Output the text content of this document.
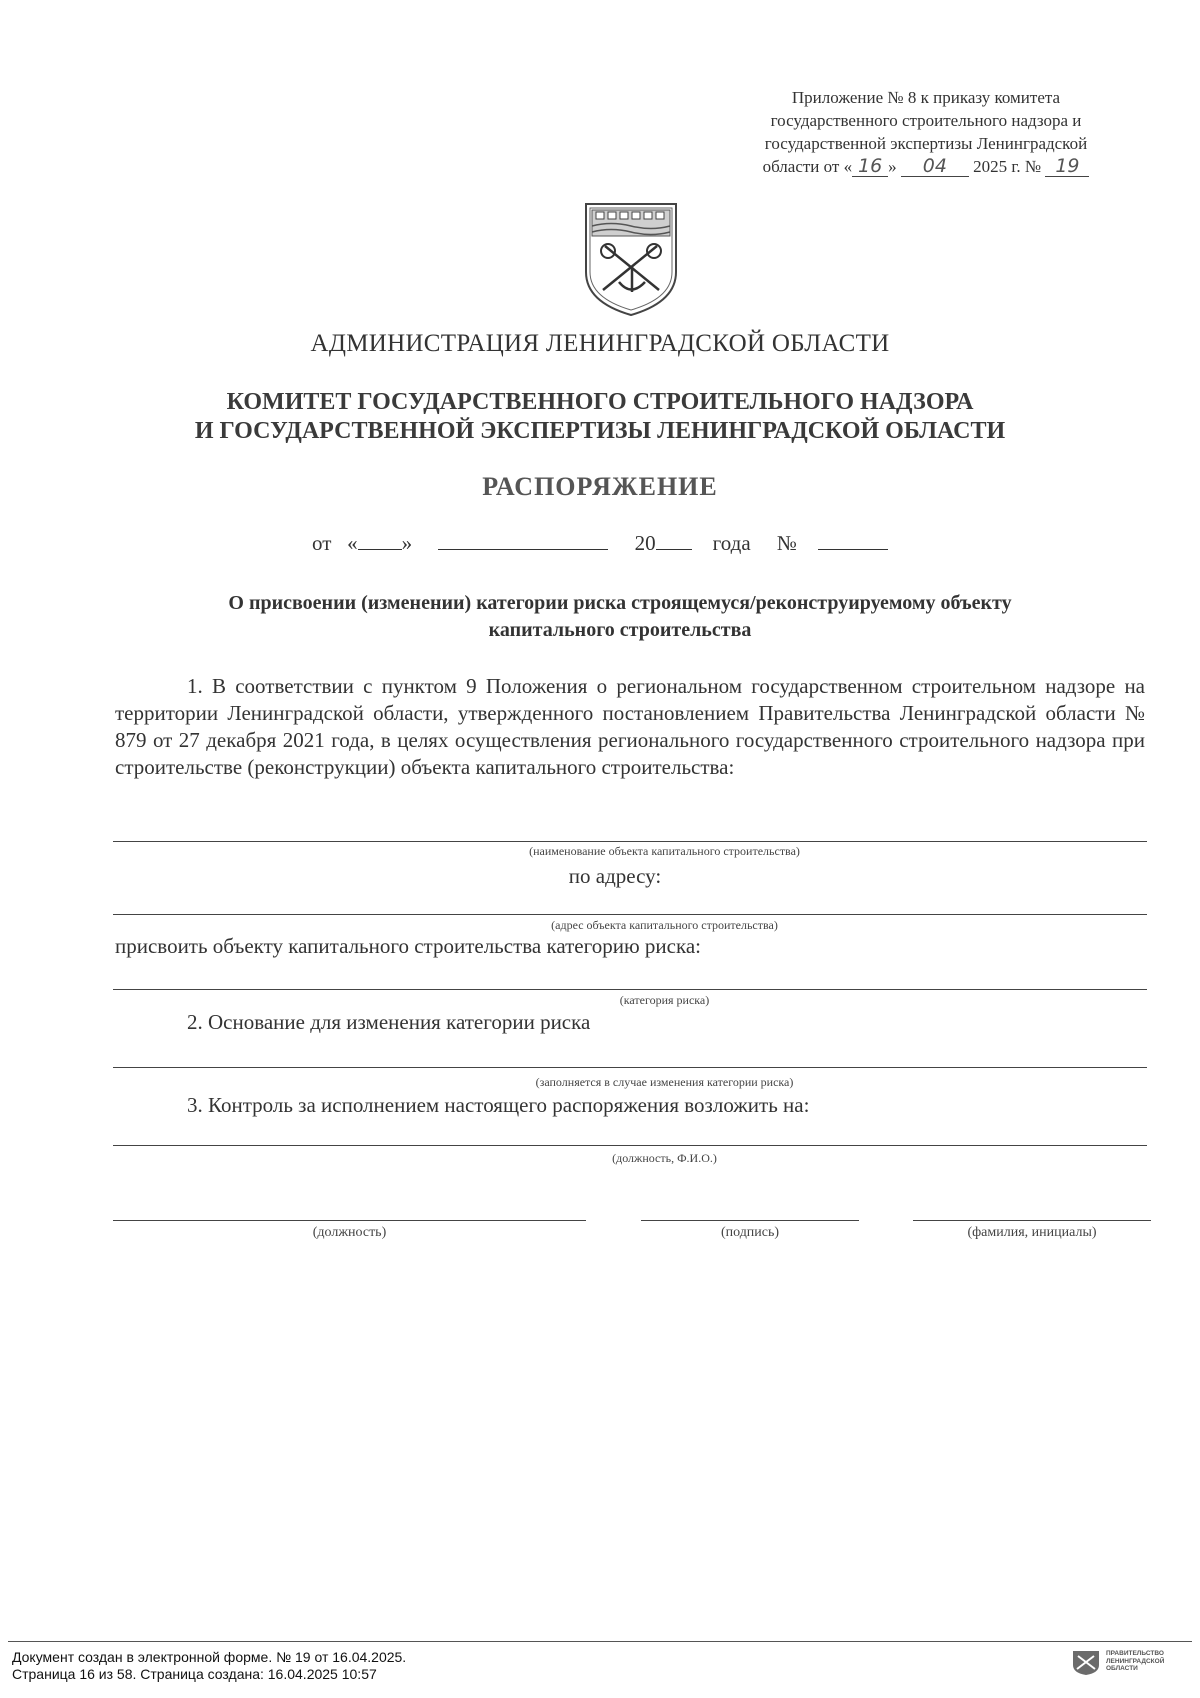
Приложение № 8 к приказу комитета
государственного строительного надзора и
государственной экспертизы Ленинградской
области от « 16 » 04 2025 г. № 19
АДМИНИСТРАЦИЯ ЛЕНИНГРАДСКОЙ ОБЛАСТИ
КОМИТЕТ ГОСУДАРСТВЕННОГО СТРОИТЕЛЬНОГО НАДЗОРА
И ГОСУДАРСТВЕННОЙ ЭКСПЕРТИЗЫ ЛЕНИНГРАДСКОЙ ОБЛАСТИ
РАСПОРЯЖЕНИЕ
от « »	20	года №
О присвоении (изменении) категории риска строящемуся/реконструируемому объекту
капитального строительства
1. В соответствии с пунктом 9 Положения о региональном государственном строительном надзоре на территории Ленинградской области, утвержденного постановлением Правительства Ленинградской области № 879 от 27 декабря 2021 года, в целях осуществления регионального государственного строительного надзора при строительстве (реконструкции) объекта капитального строительства:
(наименование объекта капитального строительства)
по адресу:
(адрес объекта капитального строительства)
присвоить объекту капитального строительства категорию риска:
(категория риска)
2. Основание для изменения категории риска
(заполняется в случае изменения категории риска)
3. Контроль за исполнением настоящего распоряжения возложить на:
(должность, Ф.И.О.)
(должность)	(подпись)	(фамилия, инициалы)
Документ создан в электронной форме. № 19 от 16.04.2025.
Страница 16 из 58. Страница создана: 16.04.2025 10:57
ПРАВИТЕЛЬСТВО
ЛЕНИНГРАДСКОЙ
ОБЛАСТИ
